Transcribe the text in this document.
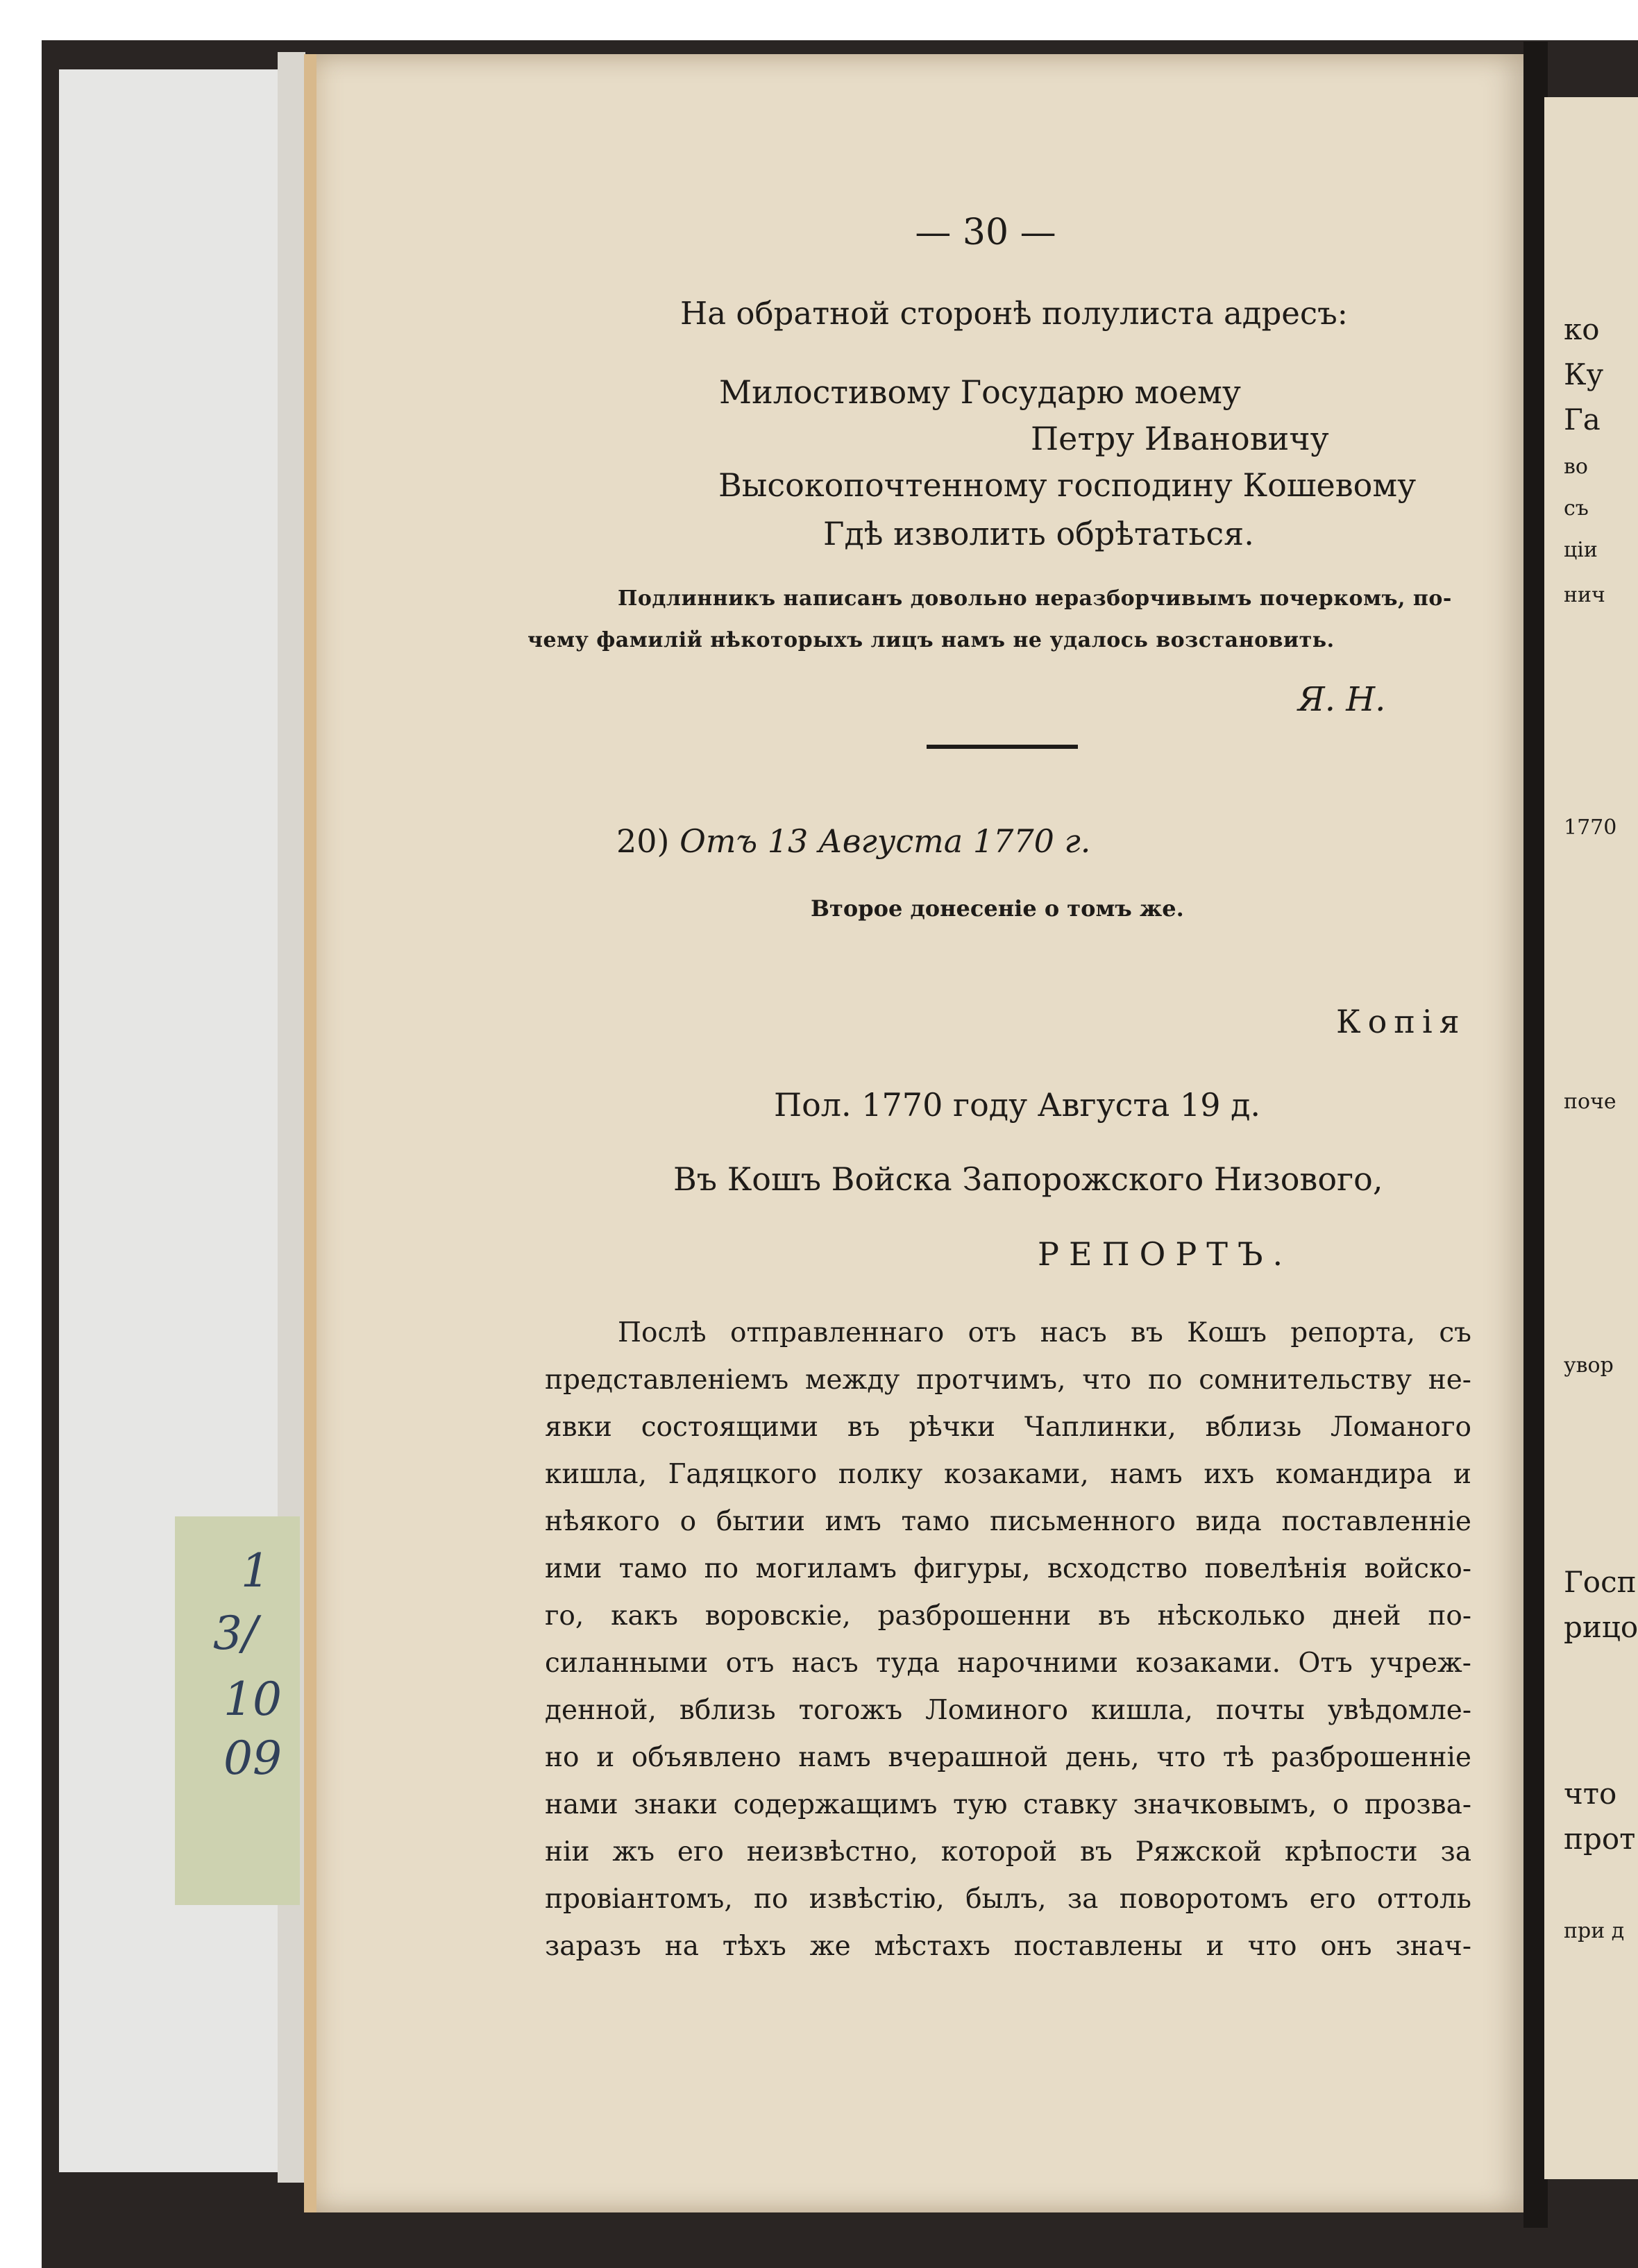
1
3/
10
09
— 30 —
На обратной сторонѣ полулиста адресъ:
Милостивому Государю моему
Петру Ивановичу
Высокопочтенному господину Кошевому
Гдѣ изволить обрѣтаться.
Подлинникъ написанъ довольно неразборчивымъ почеркомъ, по-
чему фамилій нѣкоторыхъ лицъ намъ не удалось возстановить.
Я. Н.
20) Отъ 13 Августа 1770 г.
Второе донесеніе о томъ же.
Копія
Пол. 1770 году Августа 19 д.
Въ Кошъ Войска Запорожского Низового,
РЕПОРТЪ.
Послѣ отправленнаго отъ насъ въ Кошъ репорта, съ
представленіемъ между протчимъ, что по сомнительству не-
явки состоящими въ рѣчки Чаплинки, вблизь Ломаного
кишла, Гадяцкого полку козаками, намъ ихъ командира и
нѣякого о бытии имъ тамо письменного вида поставленніе
ими тамо по могиламъ фигуры, всходство повелѣнія войско-
го, какъ воровскіе, разброшенни въ нѣсколько дней по-
силанными отъ насъ туда нарочними козаками. Отъ учреж-
денной, вблизь тогожъ Ломиного кишла, почты увѣдомле-
но и объявлено намъ вчерашной день, что тѣ разброшенніе
нами знаки содержащимъ тую ставку значковымъ, о прозва-
ніи жъ его неизвѣстно, которой въ Ряжской крѣпости за
провіантомъ, по извѣстію, былъ, за поворотомъ его оттоль
заразъ на тѣхъ же мѣстахъ поставлены и что онъ знач-
ко
Ку
Га
во
съ
ціи
нич
1770
поче
увор
Госп
рицо
что
прот
при д
